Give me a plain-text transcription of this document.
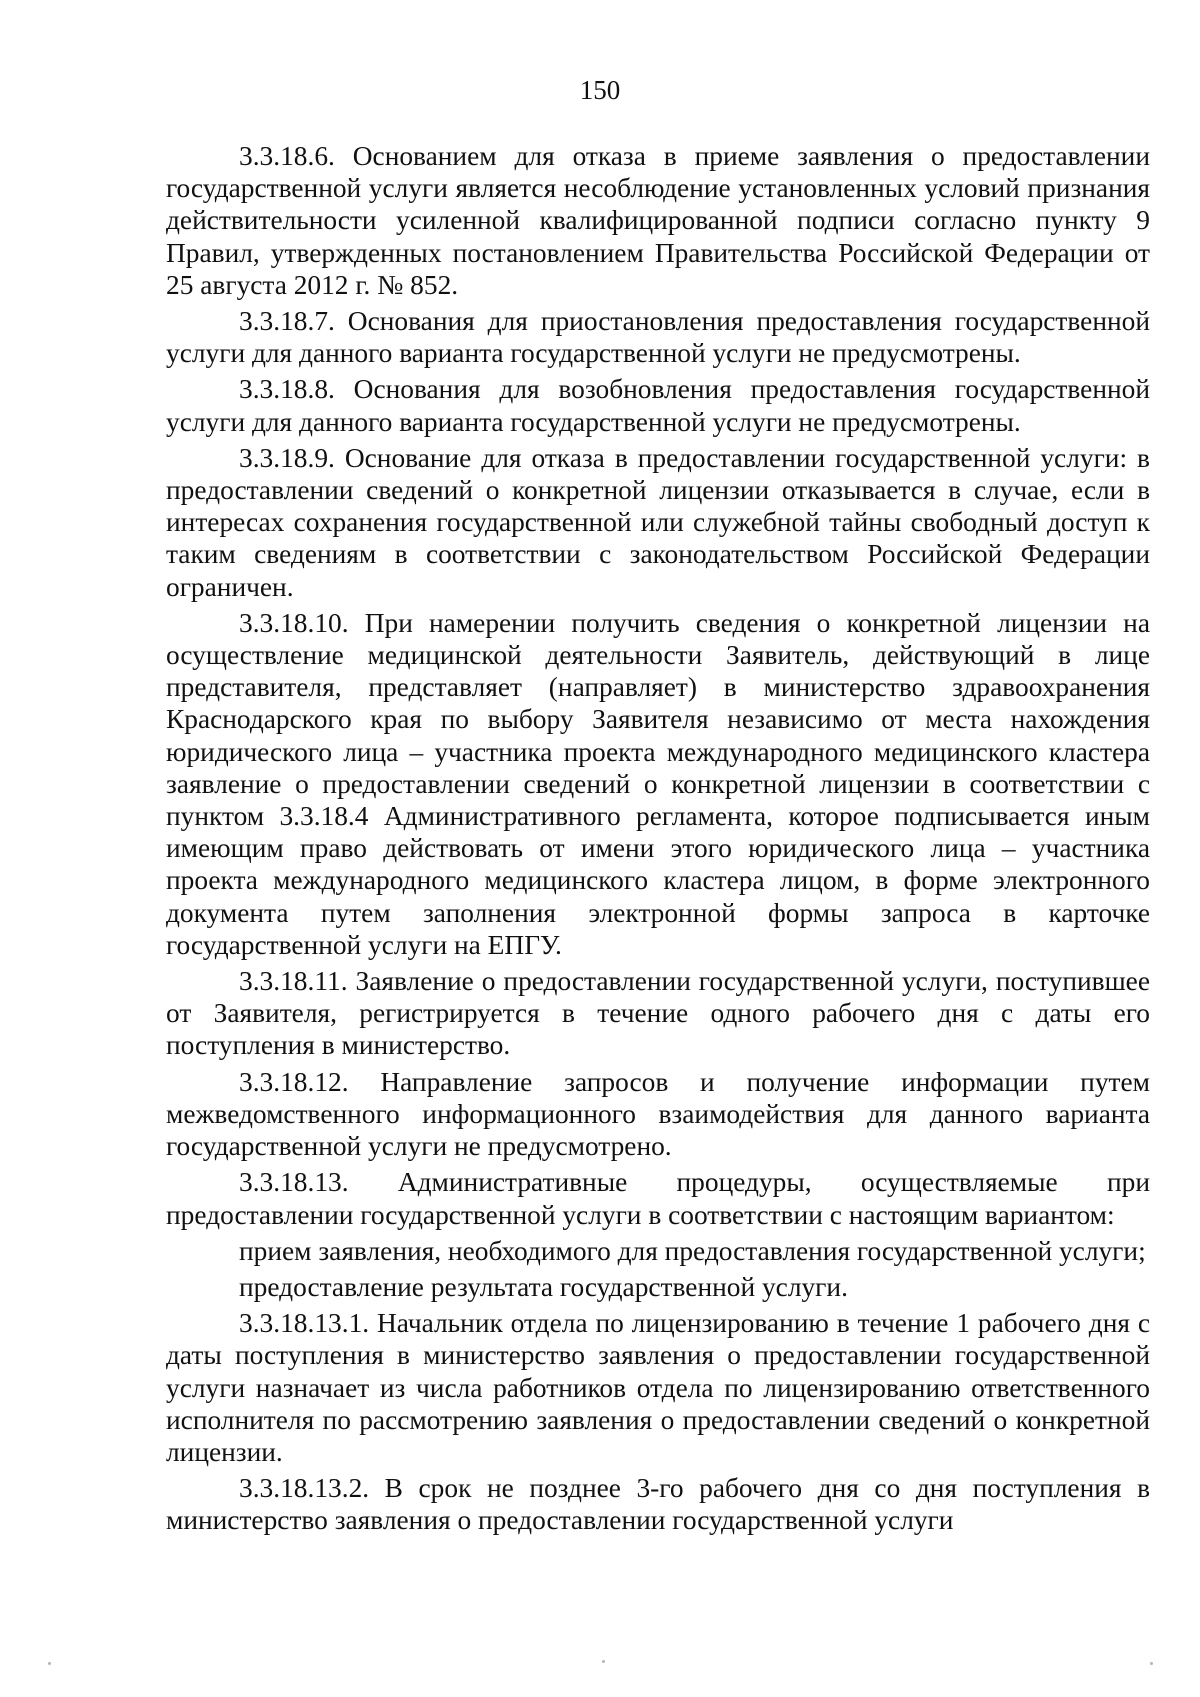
150

3.3.18.6. Основанием для отказа в приеме заявления о предоставлении государственной услуги является несоблюдение установленных условий признания действительности усиленной квалифицированной подписи согласно пункту 9 Правил, утвержденных постановлением Правительства Российской Федерации от 25 августа 2012 г. № 852.

3.3.18.7. Основания для приостановления предоставления государственной услуги для данного варианта государственной услуги не предусмотрены.

3.3.18.8. Основания для возобновления предоставления государственной услуги для данного варианта государственной услуги не предусмотрены.

3.3.18.9. Основание для отказа в предоставлении государственной услуги: в предоставлении сведений о конкретной лицензии отказывается в случае, если в интересах сохранения государственной или служебной тайны свободный доступ к таким сведениям в соответствии с законодательством Российской Федерации ограничен.

3.3.18.10. При намерении получить сведения о конкретной лицензии на осуществление медицинской деятельности Заявитель, действующий в лице представителя, представляет (направляет) в министерство здравоохранения Краснодарского края по выбору Заявителя независимо от места нахождения юридического лица – участника проекта международного медицинского кластера заявление о предоставлении сведений о конкретной лицензии в соответствии с пунктом 3.3.18.4 Административного регламента, которое подписывается иным имеющим право действовать от имени этого юридического лица – участника проекта международного медицинского кластера лицом, в форме электронного документа путем заполнения электронной формы запроса в карточке государственной услуги на ЕПГУ.

3.3.18.11. Заявление о предоставлении государственной услуги, поступившее от Заявителя, регистрируется в течение одного рабочего дня с даты его поступления в министерство.

3.3.18.12. Направление запросов и получение информации путем межведомственного информационного взаимодействия для данного варианта государственной услуги не предусмотрено.

3.3.18.13. Административные процедуры, осуществляемые при предоставлении государственной услуги в соответствии с настоящим вариантом:

прием заявления, необходимого для предоставления государственной услуги;

предоставление результата государственной услуги.

3.3.18.13.1. Начальник отдела по лицензированию в течение 1 рабочего дня с даты поступления в министерство заявления о предоставлении государственной услуги назначает из числа работников отдела по лицензированию ответственного исполнителя по рассмотрению заявления о предоставлении сведений о конкретной лицензии.

3.3.18.13.2. В срок не позднее 3-го рабочего дня со дня поступления в министерство заявления о предоставлении государственной услуги
